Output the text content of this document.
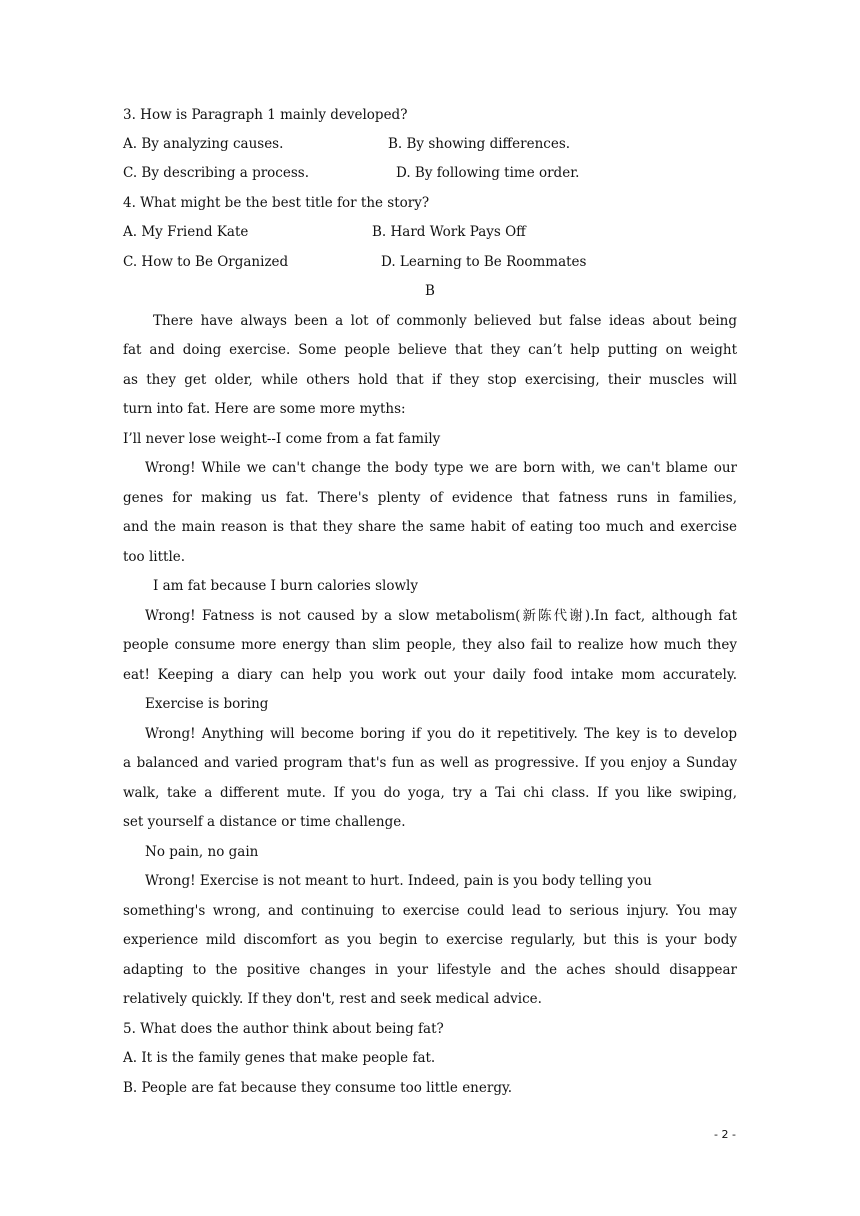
3. How is Paragraph 1 mainly developed?
A. By analyzing causes.	B. By showing differences.
C. By describing a process.	D. By following time order.
4. What might be the best title for the story?
A. My Friend Kate	B. Hard Work Pays Off
C. How to Be Organized	D. Learning to Be Roommates
B
There have always been a lot of commonly believed but false ideas about being
fat and doing exercise. Some people believe that they can’t help putting on weight
as they get older, while others hold that if they stop exercising, their muscles will
turn into fat. Here are some more myths:
I’ll never lose weight--I come from a fat family
Wrong! While we can't change the body type we are born with, we can't blame our
genes for making us fat. There's plenty of evidence that fatness runs in families,
and the main reason is that they share the same habit of eating too much and exercise
too little.
I am fat because I burn calories slowly
Wrong! Fatness is not caused by a slow metabolism(新陈代谢).In fact, although fat
people consume more energy than slim people, they also fail to realize how much they
eat! Keeping a diary can help you work out your daily food intake mom accurately.
Exercise is boring
Wrong! Anything will become boring if you do it repetitively. The key is to develop
a balanced and varied program that's fun as well as progressive. If you enjoy a Sunday
walk, take a different mute. If you do yoga, try a Tai chi class. If you like swiping,
set yourself a distance or time challenge.
No pain, no gain
Wrong! Exercise is not meant to hurt. Indeed, pain is you body telling you
something's wrong, and continuing to exercise could lead to serious injury. You may
experience mild discomfort as you begin to exercise regularly, but this is your body
adapting to the positive changes in your lifestyle and the aches should disappear
relatively quickly. If they don't, rest and seek medical advice.
5. What does the author think about being fat?
A. It is the family genes that make people fat.
B. People are fat because they consume too little energy.
- 2 -
